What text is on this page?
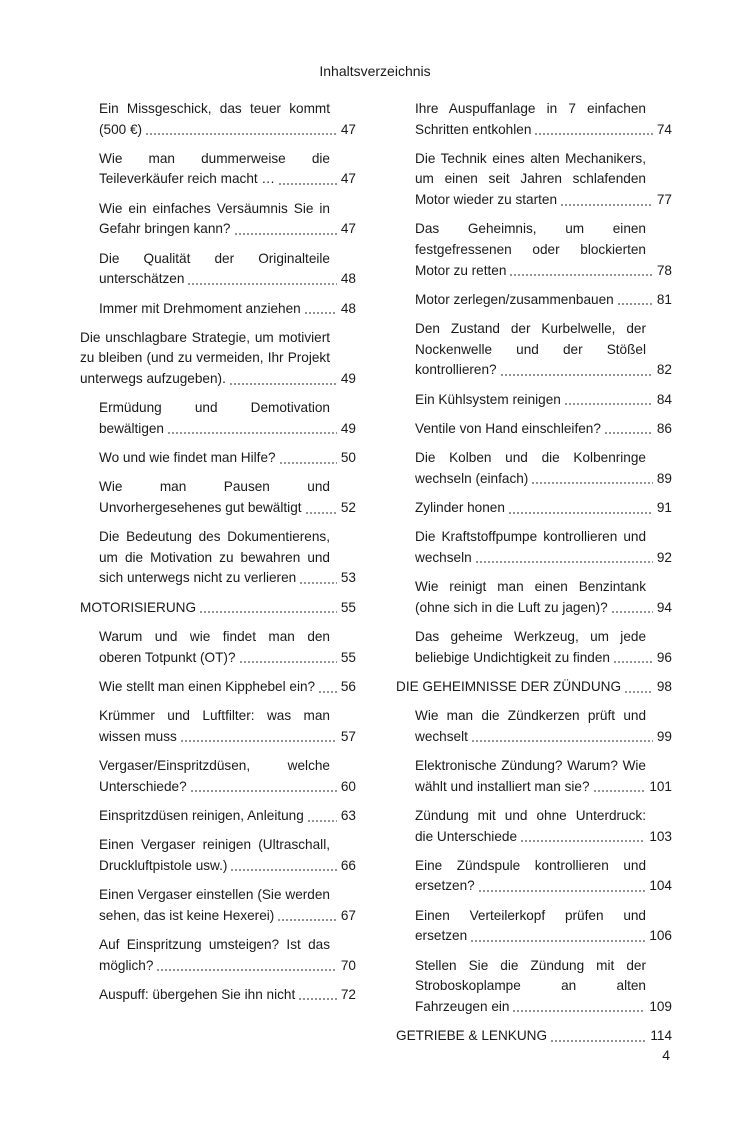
Inhaltsverzeichnis
Ein Missgeschick, das teuer kommt (500 €)	47
Wie man dummerweise die Teileverkäufer reich macht …	47
Wie ein einfaches Versäumnis Sie in Gefahr bringen kann?	47
Die Qualität der Originalteile unterschätzen	48
Immer mit Drehmoment anziehen	48
Die unschlagbare Strategie, um motiviert zu bleiben (und zu vermeiden, Ihr Projekt unterwegs aufzugeben).	49
Ermüdung und Demotivation bewältigen	49
Wo und wie findet man Hilfe?	50
Wie man Pausen und Unvorhergesehenes gut bewältigt	52
Die Bedeutung des Dokumentierens, um die Motivation zu bewahren und sich unterwegs nicht zu verlieren	53
MOTORISIERUNG	55
Warum und wie findet man den oberen Totpunkt (OT)?	55
Wie stellt man einen Kipphebel ein?	56
Krümmer und Luftfilter: was man wissen muss	57
Vergaser/Einspritzdüsen, welche Unterschiede?	60
Einspritzdüsen reinigen, Anleitung	63
Einen Vergaser reinigen (Ultraschall, Druckluftpistole usw.)	66
Einen Vergaser einstellen (Sie werden sehen, das ist keine Hexerei)	67
Auf Einspritzung umsteigen? Ist das möglich?	70
Auspuff: übergehen Sie ihn nicht	72
Ihre Auspuffanlage in 7 einfachen Schritten entkohlen	74
Die Technik eines alten Mechanikers, um einen seit Jahren schlafenden Motor wieder zu starten	77
Das Geheimnis, um einen festgefressenen oder blockierten Motor zu retten	78
Motor zerlegen/zusammenbauen	81
Den Zustand der Kurbelwelle, der Nockenwelle und der Stößel kontrollieren?	82
Ein Kühlsystem reinigen	84
Ventile von Hand einschleifen?	86
Die Kolben und die Kolbenringe wechseln (einfach)	89
Zylinder honen	91
Die Kraftstoffpumpe kontrollieren und wechseln	92
Wie reinigt man einen Benzintank (ohne sich in die Luft zu jagen)?	94
Das geheime Werkzeug, um jede beliebige Undichtigkeit zu finden	96
DIE GEHEIMNISSE DER ZÜNDUNG	98
Wie man die Zündkerzen prüft und wechselt	99
Elektronische Zündung? Warum? Wie wählt und installiert man sie?	101
Zündung mit und ohne Unterdruck: die Unterschiede	103
Eine Zündspule kontrollieren und ersetzen?	104
Einen Verteilerkopf prüfen und ersetzen	106
Stellen Sie die Zündung mit der Stroboskoplampe an alten Fahrzeugen ein	109
GETRIEBE & LENKUNG	114
4
